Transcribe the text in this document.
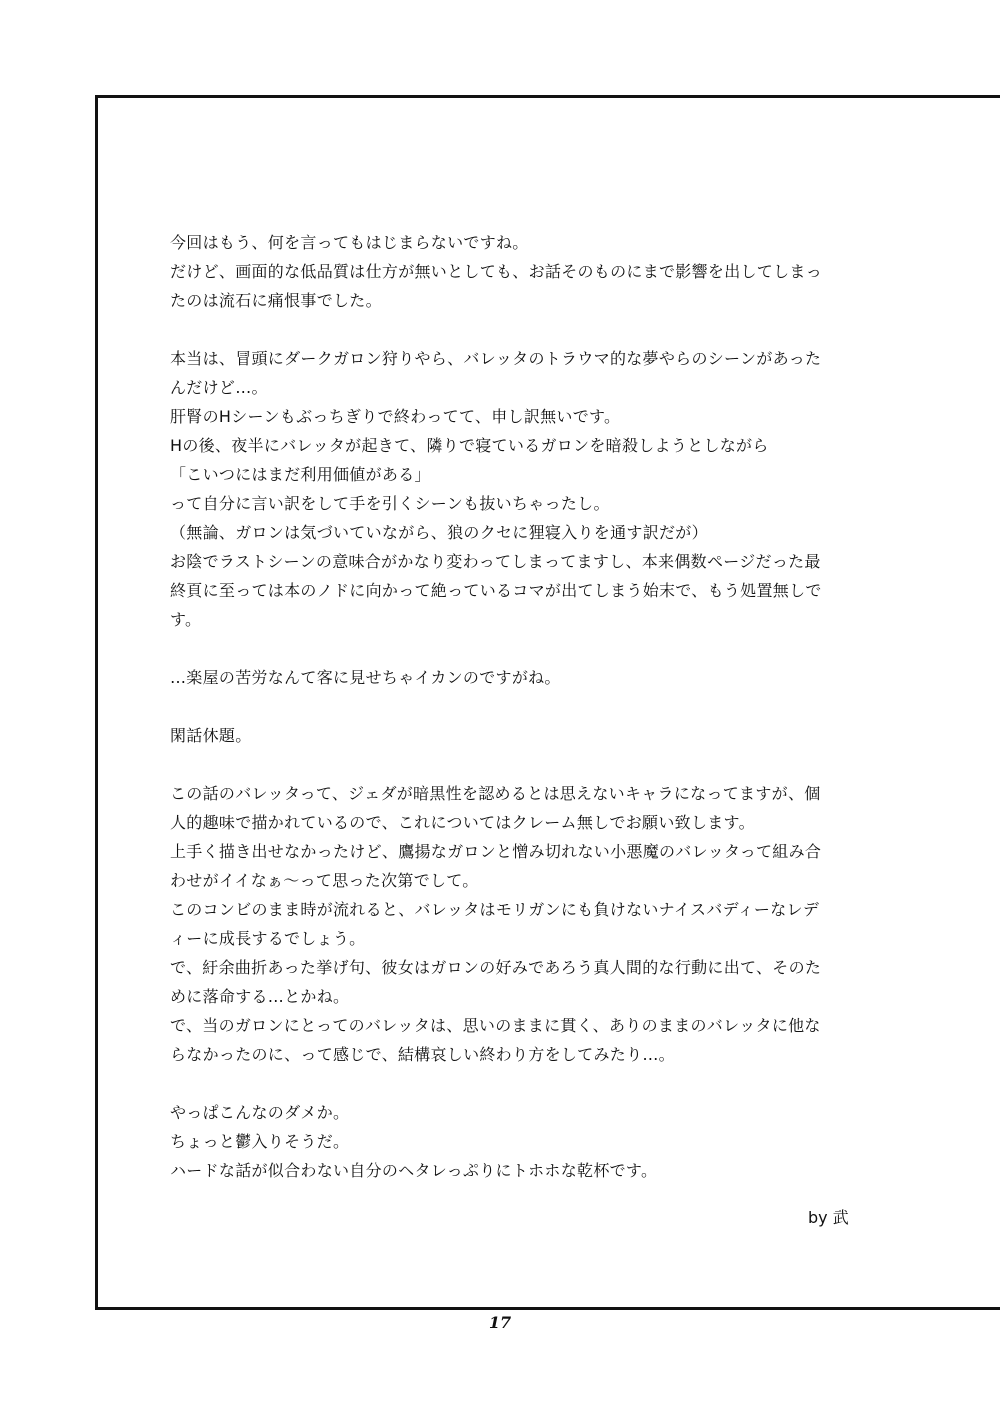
今回はもう、何を言ってもはじまらないですね。
だけど、画面的な低品質は仕方が無いとしても、お話そのものにまで影響を出してしまっ
たのは流石に痛恨事でした。
本当は、冒頭にダークガロン狩りやら、バレッタのトラウマ的な夢やらのシーンがあった
んだけど…。
肝腎のHシーンもぶっちぎりで終わってて、申し訳無いです。
Hの後、夜半にバレッタが起きて、隣りで寝ているガロンを暗殺しようとしながら
「こいつにはまだ利用価値がある」
って自分に言い訳をして手を引くシーンも抜いちゃったし。
（無論、ガロンは気づいていながら、狼のクセに狸寝入りを通す訳だが）
お陰でラストシーンの意味合がかなり変わってしまってますし、本来偶数ページだった最
終頁に至っては本のノドに向かって絶っているコマが出てしまう始末で、もう処置無しで
す。
…楽屋の苦労なんて客に見せちゃイカンのですがね。
閑話休題。
この話のバレッタって、ジェダが暗黒性を認めるとは思えないキャラになってますが、個
人的趣味で描かれているので、これについてはクレーム無しでお願い致します。
上手く描き出せなかったけど、鷹揚なガロンと憎み切れない小悪魔のバレッタって組み合
わせがイイなぁ～って思った次第でして。
このコンビのまま時が流れると、バレッタはモリガンにも負けないナイスバディーなレデ
ィーに成長するでしょう。
で、紆余曲折あった挙げ句、彼女はガロンの好みであろう真人間的な行動に出て、そのた
めに落命する…とかね。
で、当のガロンにとってのバレッタは、思いのままに貫く、ありのままのバレッタに他な
らなかったのに、って感じで、結構哀しい終わり方をしてみたり…。
やっぱこんなのダメか。
ちょっと鬱入りそうだ。
ハードな話が似合わない自分のヘタレっぷりにトホホな乾杯です。
by 武
17
